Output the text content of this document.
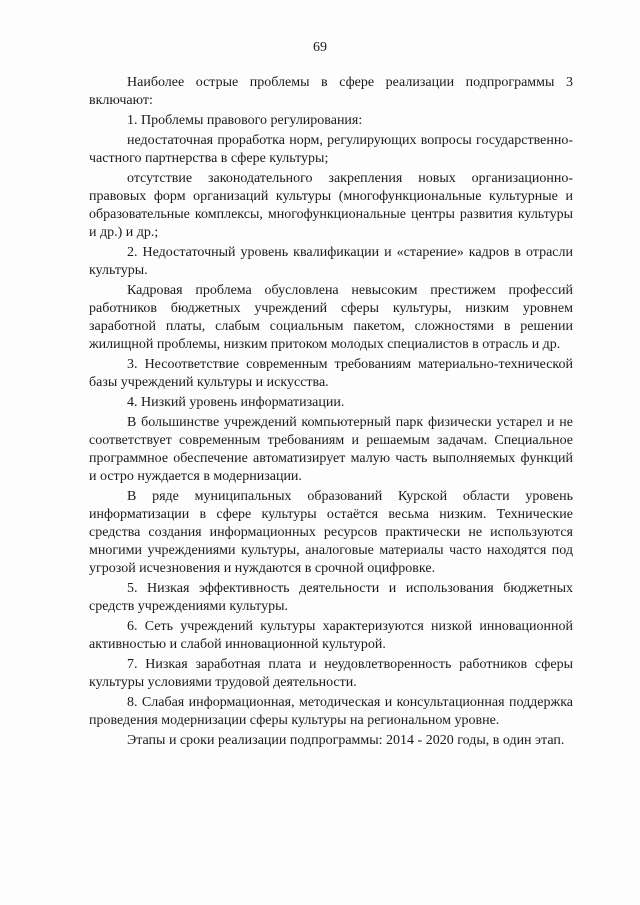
69

Наиболее острые проблемы в сфере реализации подпрограммы 3 включают:

1. Проблемы правового регулирования:

недостаточная проработка норм, регулирующих вопросы государственно-частного партнерства в сфере культуры;

отсутствие законодательного закрепления новых организационно-правовых форм организаций культуры (многофункциональные культурные и образовательные комплексы, многофункциональные центры развития культуры и др.) и др.;

2. Недостаточный уровень квалификации и «старение» кадров в отрасли культуры.

Кадровая проблема обусловлена невысоким престижем профессий работников бюджетных учреждений сферы культуры, низким уровнем заработной платы, слабым социальным пакетом, сложностями в решении жилищной проблемы, низким притоком молодых специалистов в отрасль и др.

3. Несоответствие современным требованиям материально-технической базы учреждений культуры и искусства.

4. Низкий уровень информатизации.

В большинстве учреждений компьютерный парк физически устарел и не соответствует современным требованиям и решаемым задачам. Специальное программное обеспечение автоматизирует малую часть выполняемых функций и остро нуждается в модернизации.

В ряде муниципальных образований Курской области уровень информатизации в сфере культуры остаётся весьма низким. Технические средства создания информационных ресурсов практически не используются многими учреждениями культуры, аналоговые материалы часто находятся под угрозой исчезновения и нуждаются в срочной оцифровке.

5. Низкая эффективность деятельности и использования бюджетных средств учреждениями культуры.

6. Сеть учреждений культуры характеризуются низкой инновационной активностью и слабой инновационной культурой.

7. Низкая заработная плата и неудовлетворенность работников сферы культуры условиями трудовой деятельности.

8. Слабая информационная, методическая и консультационная поддержка проведения модернизации сферы культуры на региональном уровне.

Этапы и сроки реализации подпрограммы: 2014 - 2020 годы, в один этап.
